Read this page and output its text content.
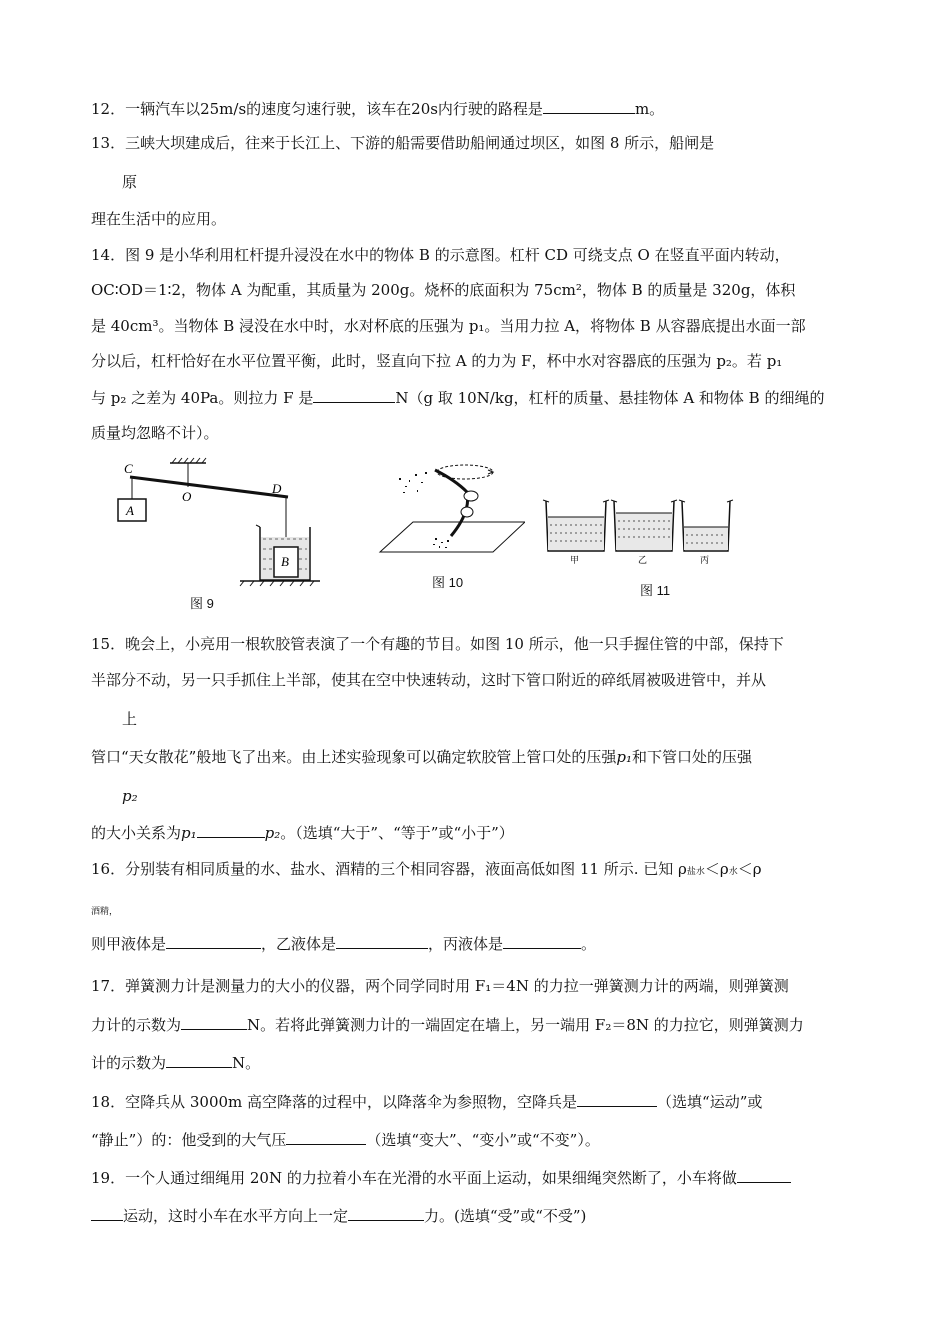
12．一辆汽车以25m/s的速度匀速行驶，该车在20s内行驶的路程是	m。
13．三峡大坝建成后，往来于长江上、下游的船需要借助船闸通过坝区，如图 8 所示，船闸是
原
理在生活中的应用。
14．图 9 是小华利用杠杆提升浸没在水中的物体 B 的示意图。杠杆 CD 可绕支点 O 在竖直平面内转动，
OC∶OD＝1∶2，物体 A 为配重，其质量为 200g。烧杯的底面积为 75cm²，物体 B 的质量是 320g，体积
是 40cm³。当物体 B 浸没在水中时，水对杯底的压强为 p₁。当用力拉 A，将物体 B 从容器底提出水面一部
分以后，杠杆恰好在水平位置平衡，此时，竖直向下拉 A 的力为 F，杯中水对容器底的压强为 p₂。若 p₁
与 p₂ 之差为 40Pa。则拉力 F 是	N（g 取 10N/kg，杠杆的质量、悬挂物体 A 和物体 B 的细绳的
质量均忽略不计）。
C
O
D
A
B
图 9
图 10
甲	乙	丙
图 11
15．晚会上，小亮用一根软胶管表演了一个有趣的节目。如图 10 所示，他一只手握住管的中部，保持下
半部分不动，另一只手抓住上半部，使其在空中快速转动，这时下管口附近的碎纸屑被吸进管中，并从
上
管口“天女散花”般地飞了出来。由上述实验现象可以确定软胶管上管口处的压强p₁和下管口处的压强
p₂
的大小关系为p₁	p₂。（选填“大于”、“等于”或“小于”）
16．分别装有相同质量的水、盐水、酒精的三个相同容器，液面高低如图 11 所示. 已知 ρ盐水＜ρ水＜ρ
酒精，
则甲液体是	，乙液体是	，丙液体是	。
17．弹簧测力计是测量力的大小的仪器，两个同学同时用 F₁＝4N 的力拉一弹簧测力计的两端，则弹簧测
力计的示数为	N。若将此弹簧测力计的一端固定在墙上，另一端用 F₂＝8N 的力拉它，则弹簧测力
计的示数为	N。
18．空降兵从 3000m 高空降落的过程中，以降落伞为参照物，空降兵是	（选填“运动”或
“静止”）的：他受到的大气压	（选填“变大”、“变小”或“不变”）。
19．一个人通过细绳用 20N 的力拉着小车在光滑的水平面上运动，如果细绳突然断了，小车将做
运动，这时小车在水平方向上一定	力。(选填“受”或“不受”)
